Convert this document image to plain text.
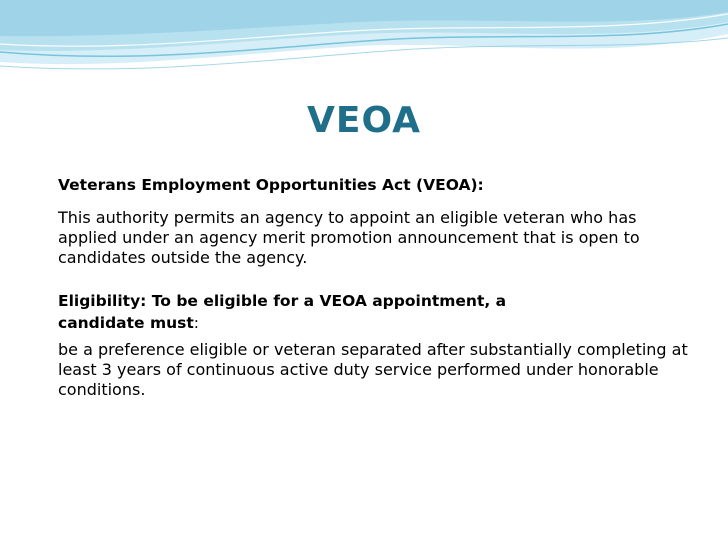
VEOA

Veterans Employment Opportunities Act (VEOA):

This authority permits an agency to appoint an eligible veteran who has applied under an agency merit promotion announcement that is open to candidates outside the agency.

Eligibility: To be eligible for a VEOA appointment, a

candidate must:

be a preference eligible or veteran separated after substantially completing at least 3 years of continuous active duty service performed under honorable conditions.
